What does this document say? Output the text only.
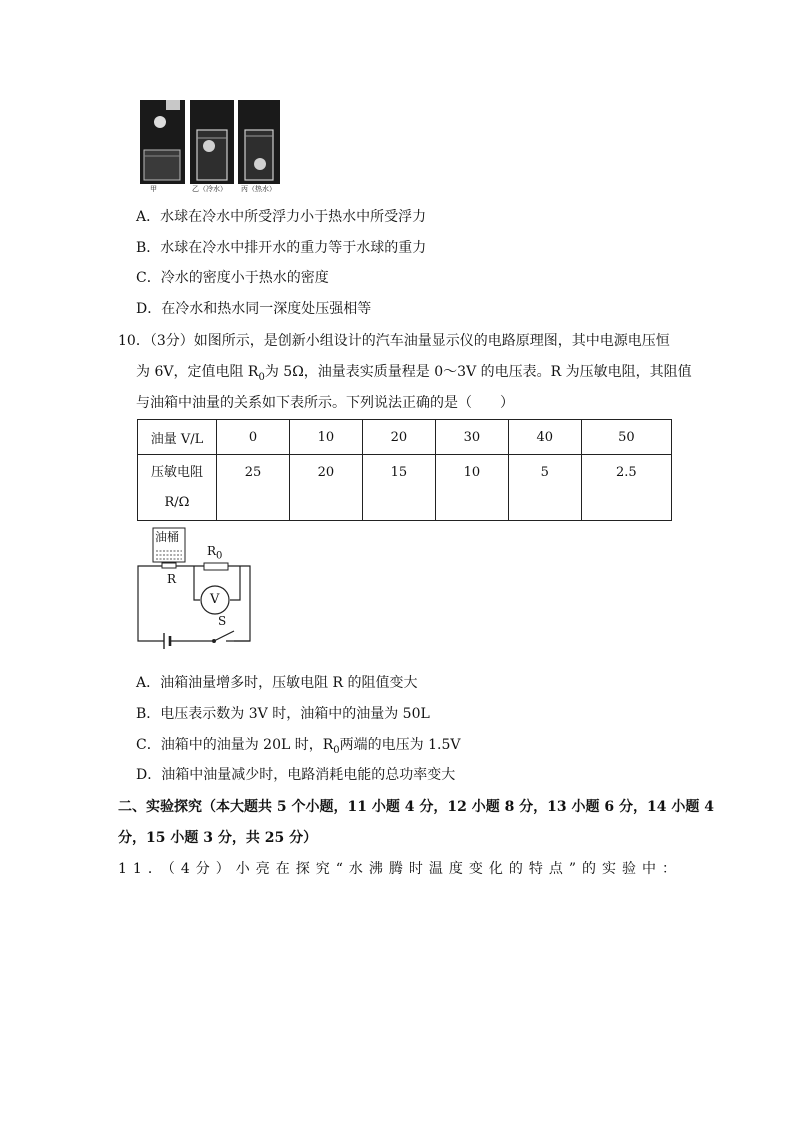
甲	乙（冷水） 丙（热水）
A．水球在冷水中所受浮力小于热水中所受浮力
B．水球在冷水中排开水的重力等于水球的重力
C．冷水的密度小于热水的密度
D．在冷水和热水同一深度处压强相等
10．（3分）如图所示，是创新小组设计的汽车油量显示仪的电路原理图，其中电源电压恒
为 6V，定值电阻 $R_0$为 5Ω，油量表实质量程是 0～3V 的电压表。R 为压敏电阻，其阻值
与油箱中油量的关系如下表所示。下列说法正确的是（　　）
油量 V/L	0	10	20	30	40	50

压敏电阻
R/Ω	25	20	15	10	5	2.5
油桶
R
$R_0$
V
S
A．油箱油量增多时，压敏电阻 R 的阻值变大
B．电压表示数为 3V 时，油箱中的油量为 50L
C．油箱中的油量为 20L 时，$R_0$两端的电压为 1.5V
D．油箱中油量减少时，电路消耗电能的总功率变大
二、实验探究（本大题共 5 个小题，11 小题 4 分，12 小题 8 分，13 小题 6 分，14 小题 4
分，15 小题 3 分，共 25 分）
11．（4分）小亮在探究“水沸腾时温度变化的特点”的实验中：
